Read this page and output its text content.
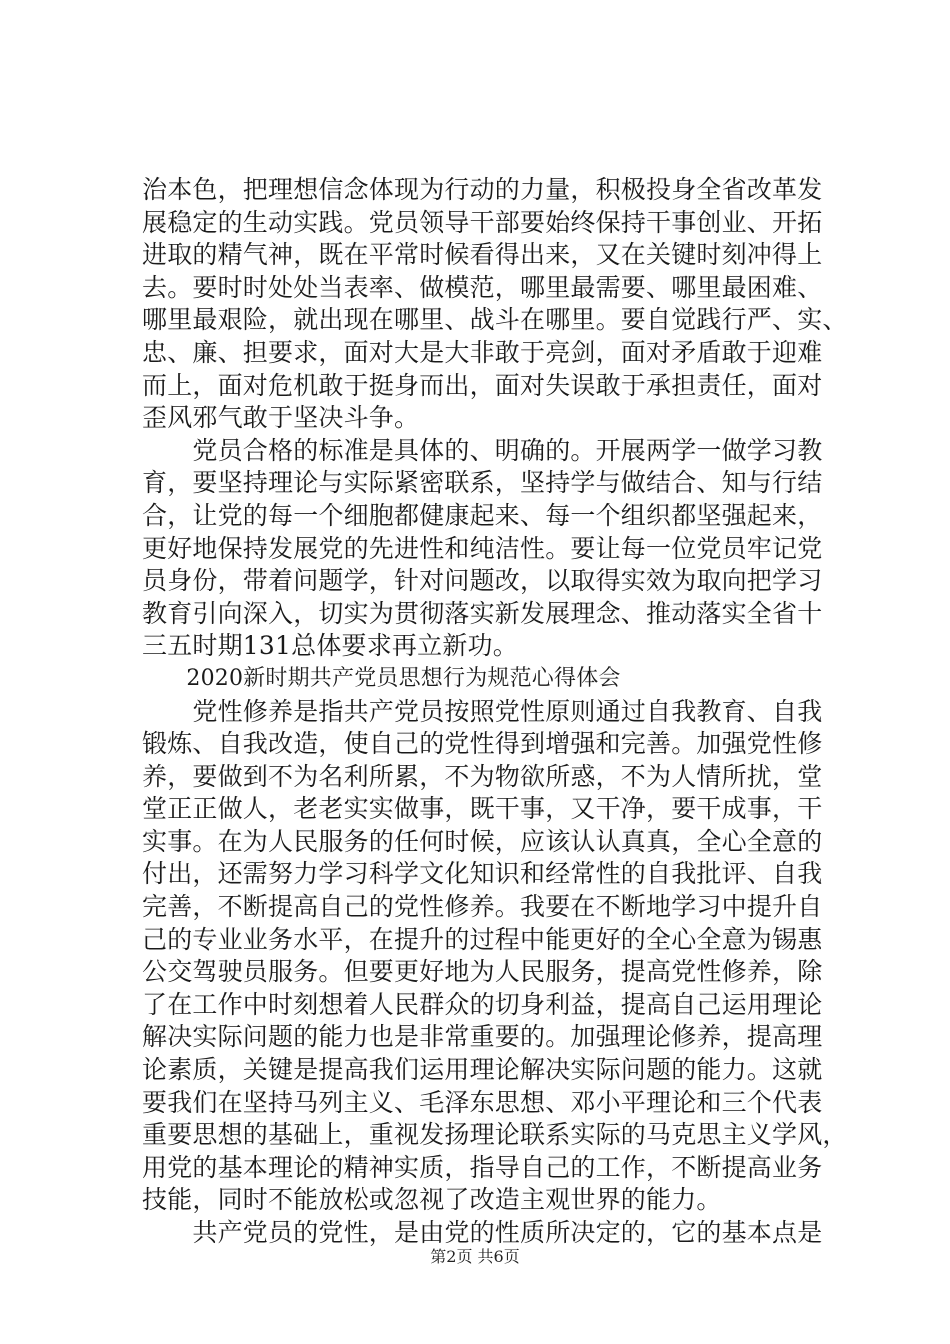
治本色，把理想信念体现为行动的力量，积极投身全省改革发
展稳定的生动实践。党员领导干部要始终保持干事创业、开拓
进取的精气神，既在平常时候看得出来，又在关键时刻冲得上
去。要时时处处当表率、做模范，哪里最需要、哪里最困难、
哪里最艰险，就出现在哪里、战斗在哪里。要自觉践行严、实、
忠、廉、担要求，面对大是大非敢于亮剑，面对矛盾敢于迎难
而上，面对危机敢于挺身而出，面对失误敢于承担责任，面对
歪风邪气敢于坚决斗争。
　　党员合格的标准是具体的、明确的。开展两学一做学习教
育，要坚持理论与实际紧密联系，坚持学与做结合、知与行结
合，让党的每一个细胞都健康起来、每一个组织都坚强起来，
更好地保持发展党的先进性和纯洁性。要让每一位党员牢记党
员身份，带着问题学，针对问题改，以取得实效为取向把学习
教育引向深入，切实为贯彻落实新发展理念、推动落实全省十
三五时期131总体要求再立新功。
　　2020新时期共产党员思想行为规范心得体会
　　党性修养是指共产党员按照党性原则通过自我教育、自我
锻炼、自我改造，使自己的党性得到增强和完善。加强党性修
养，要做到不为名利所累，不为物欲所惑，不为人情所扰，堂
堂正正做人，老老实实做事，既干事，又干净，要干成事，干
实事。在为人民服务的任何时候，应该认认真真，全心全意的
付出，还需努力学习科学文化知识和经常性的自我批评、自我
完善，不断提高自己的党性修养。我要在不断地学习中提升自
己的专业业务水平，在提升的过程中能更好的全心全意为锡惠
公交驾驶员服务。但要更好地为人民服务，提高党性修养，除
了在工作中时刻想着人民群众的切身利益，提高自己运用理论
解决实际问题的能力也是非常重要的。加强理论修养，提高理
论素质，关键是提高我们运用理论解决实际问题的能力。这就
要我们在坚持马列主义、毛泽东思想、邓小平理论和三个代表
重要思想的基础上，重视发扬理论联系实际的马克思主义学风，
用党的基本理论的精神实质，指导自己的工作，不断提高业务
技能，同时不能放松或忽视了改造主观世界的能力。
　　共产党员的党性，是由党的性质所决定的，它的基本点是
第2页 共6页
